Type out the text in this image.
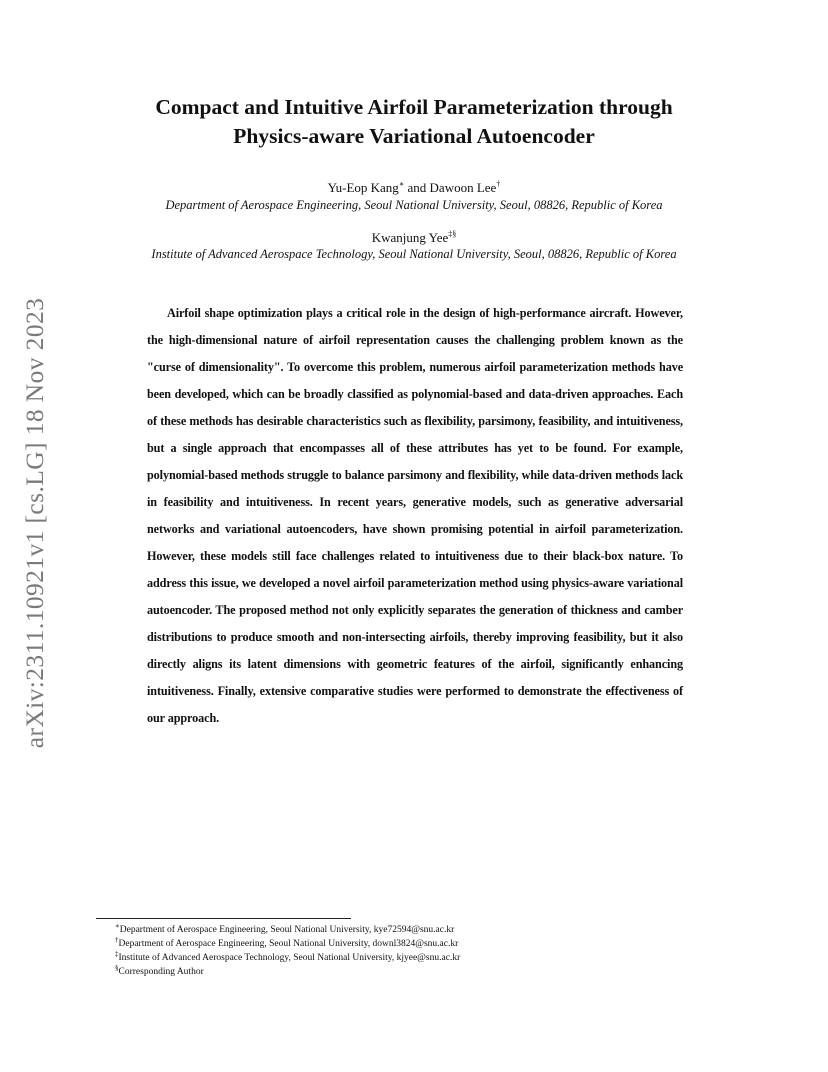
arXiv:2311.10921v1 [cs.LG] 18 Nov 2023
Compact and Intuitive Airfoil Parameterization through
Physics-aware Variational Autoencoder
Yu-Eop Kang∗ and Dawoon Lee†
Department of Aerospace Engineering, Seoul National University, Seoul, 08826, Republic of Korea
Kwanjung Yee‡§
Institute of Advanced Aerospace Technology, Seoul National University, Seoul, 08826, Republic of Korea

Airfoil shape optimization plays a critical role in the design of high-performance aircraft. However, the high-dimensional nature of airfoil representation causes the challenging problem known as the "curse of dimensionality". To overcome this problem, numerous airfoil parameterization methods have been developed, which can be broadly classified as polynomial-based and data-driven approaches. Each of these methods has desirable characteristics such as flexibility, parsimony, feasibility, and intuitiveness, but a single approach that encompasses all of these attributes has yet to be found. For example, polynomial-based methods struggle to balance parsimony and flexibility, while data-driven methods lack in feasibility and intuitiveness. In recent years, generative models, such as generative adversarial networks and variational autoencoders, have shown promising potential in airfoil parameterization. However, these models still face challenges related to intuitiveness due to their black-box nature. To address this issue, we developed a novel airfoil parameterization method using physics-aware variational autoencoder. The proposed method not only explicitly separates the generation of thickness and camber distributions to produce smooth and non-intersecting airfoils, thereby improving feasibility, but it also directly aligns its latent dimensions with geometric features of the airfoil, significantly enhancing intuitiveness. Finally, extensive comparative studies were performed to demonstrate the effectiveness of our approach.

∗Department of Aerospace Engineering, Seoul National University, kye72594@snu.ac.kr
†Department of Aerospace Engineering, Seoul National University, downl3824@snu.ac.kr
‡Institute of Advanced Aerospace Technology, Seoul National University, kjyee@snu.ac.kr
§Corresponding Author
